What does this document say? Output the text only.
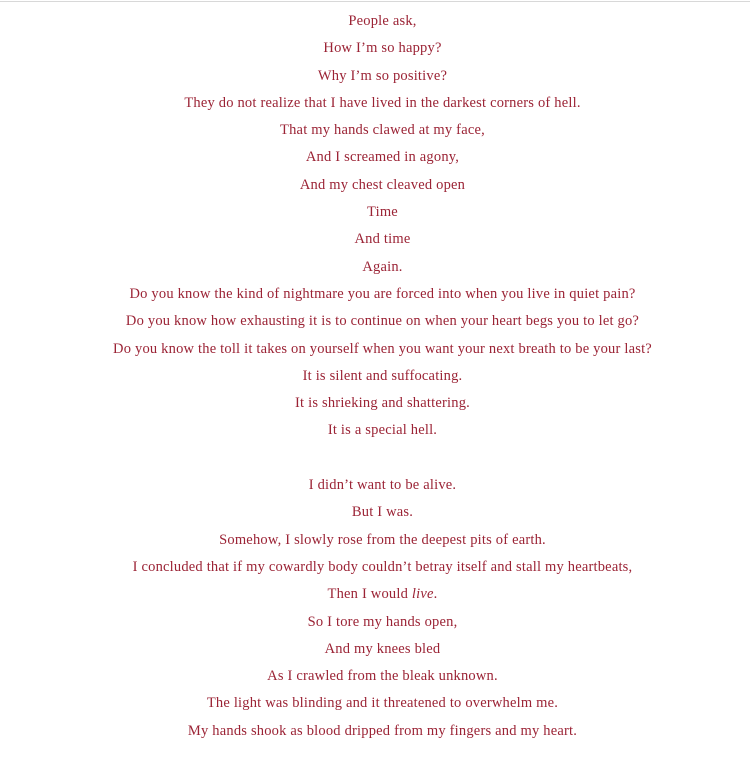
People ask,
How I’m so happy?
Why I’m so positive?
They do not realize that I have lived in the darkest corners of hell.
That my hands clawed at my face,
And I screamed in agony,
And my chest cleaved open
Time
And time
Again.
Do you know the kind of nightmare you are forced into when you live in quiet pain?
Do you know how exhausting it is to continue on when your heart begs you to let go?
Do you know the toll it takes on yourself when you want your next breath to be your last?
It is silent and suffocating.
It is shrieking and shattering.
It is a special hell.
I didn’t want to be alive.
But I was.
Somehow, I slowly rose from the deepest pits of earth.
I concluded that if my cowardly body couldn’t betray itself and stall my heartbeats,
Then I would live.
So I tore my hands open,
And my knees bled
As I crawled from the bleak unknown.
The light was blinding and it threatened to overwhelm me.
My hands shook as blood dripped from my fingers and my heart.
